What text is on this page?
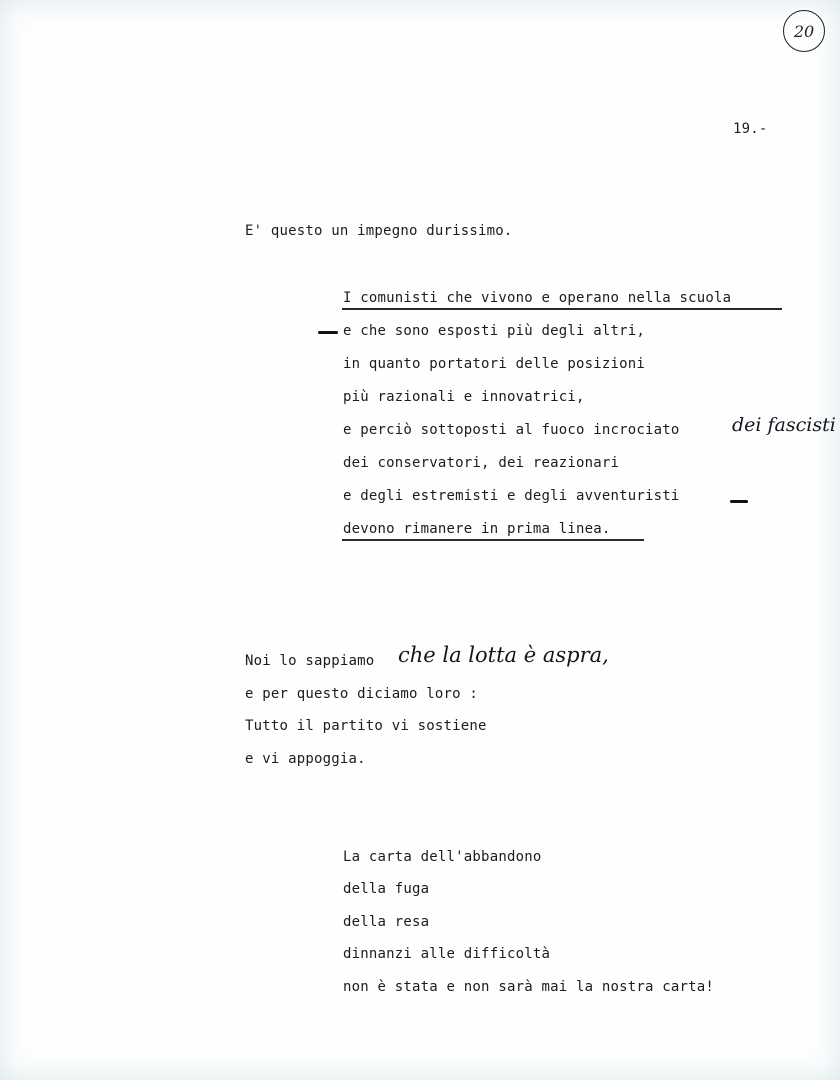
20
19.-
E' questo un impegno durissimo.
I comunisti che vivono e operano nella scuola
e che sono esposti più degli altri,
in quanto portatori delle posizioni
più razionali e innovatrici,
e perciò sottoposti al fuoco incrociato	dei fascisti
dei conservatori, dei reazionari
e degli estremisti e degli avventuristi
devono rimanere in prima linea.
Noi lo sappiamo che la lotta è aspra,
e per questo diciamo loro :
Tutto il partito vi sostiene
e vi appoggia.
La carta dell'abbandono
della fuga
della resa
dinnanzi alle difficoltà
non è stata e non sarà mai la nostra carta!
